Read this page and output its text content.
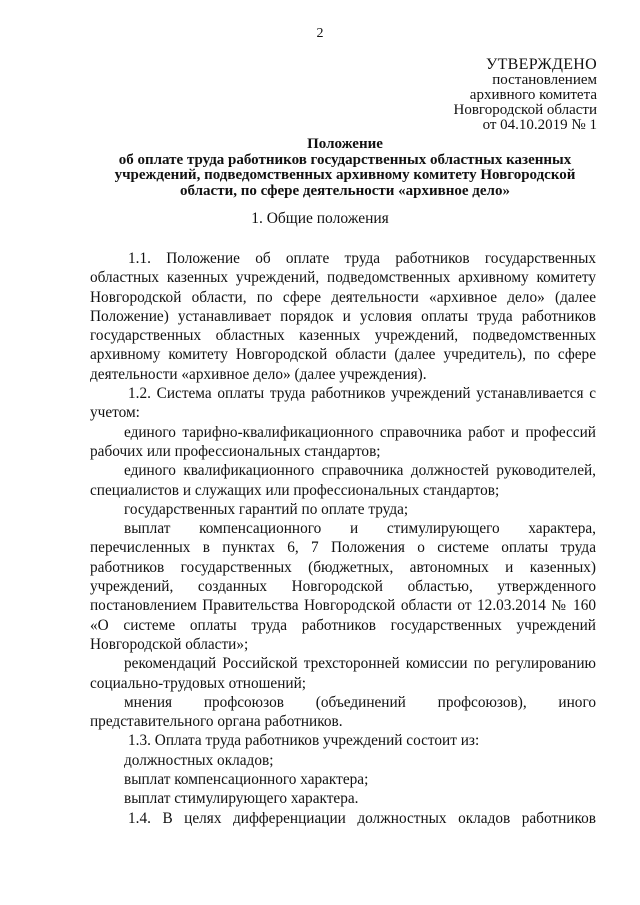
2
УТВЕРЖДЕНО
постановлением
архивного комитета
Новгородской области
от 04.10.2019 № 1
Положение
об оплате труда работников государственных областных казенных
учреждений, подведомственных архивному комитету Новгородской
области, по сфере деятельности «архивное дело»
1. Общие положения

1.1. Положение об оплате труда работников государственных областных казенных учреждений, подведомственных архивному комитету Новгородской области, по сфере деятельности «архивное дело» (далее Положение) устанавливает порядок и условия оплаты труда работников государственных областных казенных учреждений, подведомственных архивному комитету Новгородской области (далее учредитель), по сфере деятельности «архивное дело» (далее учреждения).

1.2. Система оплаты труда работников учреждений устанавливается с учетом:

единого тарифно-квалификационного справочника работ и профессий рабочих или профессиональных стандартов;

единого квалификационного справочника должностей руководителей, специалистов и служащих или профессиональных стандартов;

государственных гарантий по оплате труда;

выплат компенсационного и стимулирующего характера, перечисленных в пунктах 6, 7 Положения о системе оплаты труда работников государственных (бюджетных, автономных и казенных) учреждений, созданных Новгородской областью, утвержденного постановлением Правительства Новгородской области от 12.03.2014 № 160 «О системе оплаты труда работников государственных учреждений Новгородской области»;

рекомендаций Российской трехсторонней комиссии по регулированию социально-трудовых отношений;

мнения профсоюзов (объединений профсоюзов), иного представительного органа работников.

1.3. Оплата труда работников учреждений состоит из:

должностных окладов;

выплат компенсационного характера;

выплат стимулирующего характера.

1.4. В целях дифференциации должностных окладов работников
